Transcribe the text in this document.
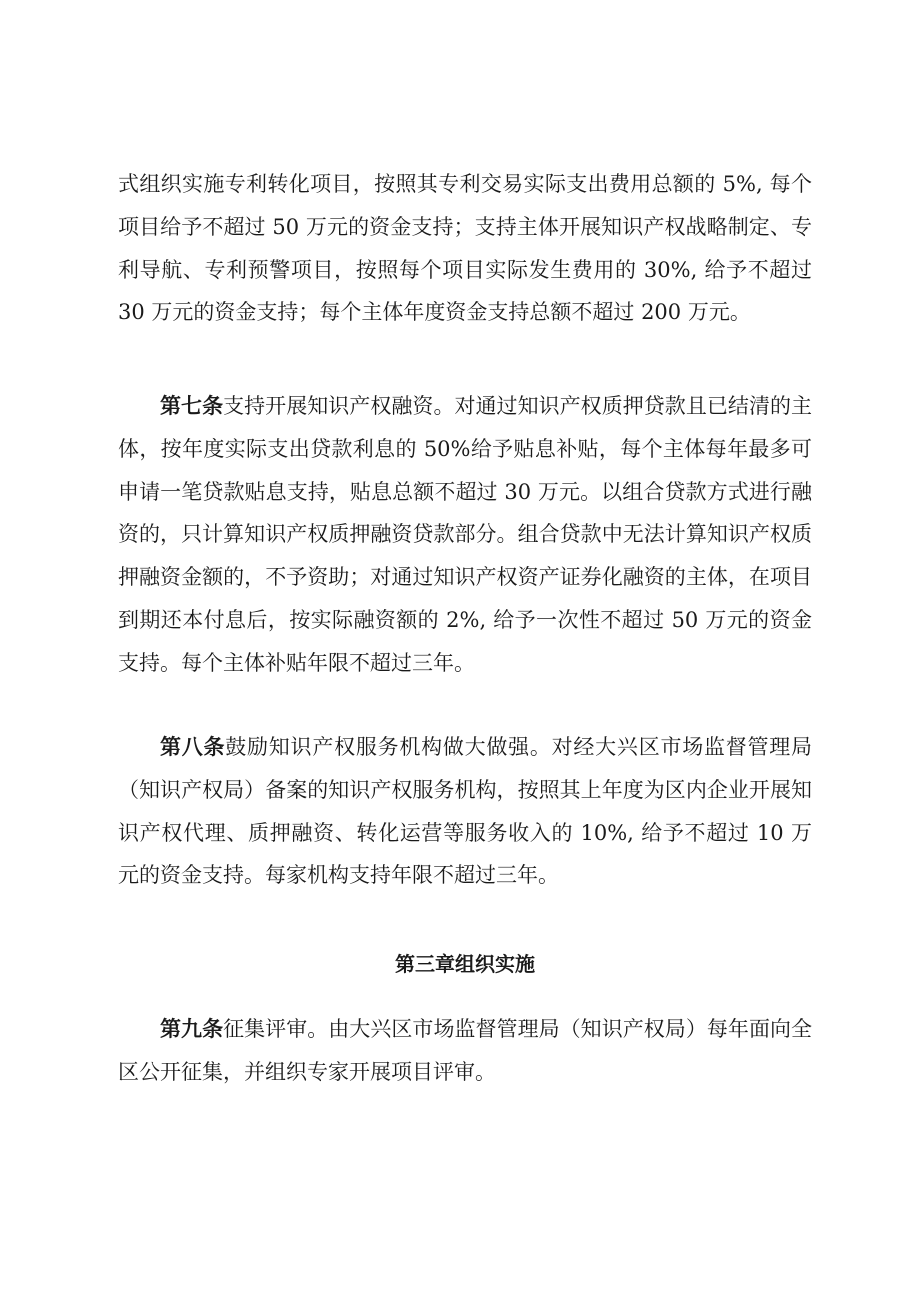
式组织实施专利转化项目，按照其专利交易实际支出费用总额的 5%, 每个项目给予不超过 50 万元的资金支持；支持主体开展知识产权战略制定、专利导航、专利预警项目，按照每个项目实际发生费用的 30%, 给予不超过 30 万元的资金支持；每个主体年度资金支持总额不超过 200 万元。

第七条支持开展知识产权融资。对通过知识产权质押贷款且已结清的主体，按年度实际支出贷款利息的 50%给予贴息补贴，每个主体每年最多可申请一笔贷款贴息支持，贴息总额不超过 30 万元。以组合贷款方式进行融资的，只计算知识产权质押融资贷款部分。组合贷款中无法计算知识产权质押融资金额的，不予资助；对通过知识产权资产证券化融资的主体，在项目到期还本付息后，按实际融资额的 2%, 给予一次性不超过 50 万元的资金支持。每个主体补贴年限不超过三年。

第八条鼓励知识产权服务机构做大做强。对经大兴区市场监督管理局（知识产权局）备案的知识产权服务机构，按照其上年度为区内企业开展知识产权代理、质押融资、转化运营等服务收入的 10%, 给予不超过 10 万元的资金支持。每家机构支持年限不超过三年。

第三章组织实施

第九条征集评审。由大兴区市场监督管理局（知识产权局）每年面向全区公开征集，并组织专家开展项目评审。
